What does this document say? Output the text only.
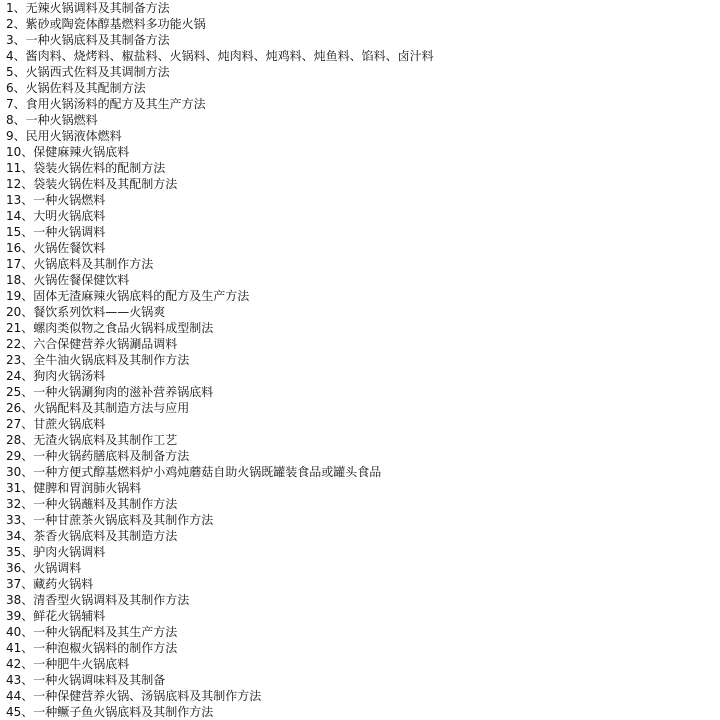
1、无辣火锅调料及其制备方法
2、紫砂或陶瓷体醇基燃料多功能火锅
3、一种火锅底料及其制备方法
4、酱肉料、烧烤料、椒盐料、火锅料、炖肉料、炖鸡料、炖鱼料、馅料、卤汁料
5、火锅西式佐料及其调制方法
6、火锅佐料及其配制方法
7、食用火锅汤料的配方及其生产方法
8、一种火锅燃料
9、民用火锅液体燃料
10、保健麻辣火锅底料
11、袋装火锅佐料的配制方法
12、袋装火锅佐料及其配制方法
13、一种火锅燃料
14、大明火锅底料
15、一种火锅调料
16、火锅佐餐饮料
17、火锅底料及其制作方法
18、火锅佐餐保健饮料
19、固体无渣麻辣火锅底料的配方及生产方法
20、餐饮系列饮料——火锅爽
21、螺肉类似物之食品火锅料成型制法
22、六合保健营养火锅涮品调料
23、全牛油火锅底料及其制作方法
24、狗肉火锅汤料
25、一种火锅涮狗肉的滋补营养锅底料
26、火锅配料及其制造方法与应用
27、甘蔗火锅底料
28、无渣火锅底料及其制作工艺
29、一种火锅药膳底料及制备方法
30、一种方便式醇基燃料炉小鸡炖蘑菇自助火锅既罐装食品或罐头食品
31、健脾和胃润肺火锅料
32、一种火锅蘸料及其制作方法
33、一种甘蔗茶火锅底料及其制作方法
34、茶香火锅底料及其制造方法
35、驴肉火锅调料
36、火锅调料
37、藏药火锅料
38、清香型火锅调料及其制作方法
39、鲜花火锅辅料
40、一种火锅配料及其生产方法
41、一种泡椒火锅料的制作方法
42、一种肥牛火锅底料
43、一种火锅调味料及其制备
44、一种保健营养火锅、汤锅底料及其制作方法
45、一种鳜子鱼火锅底料及其制作方法
